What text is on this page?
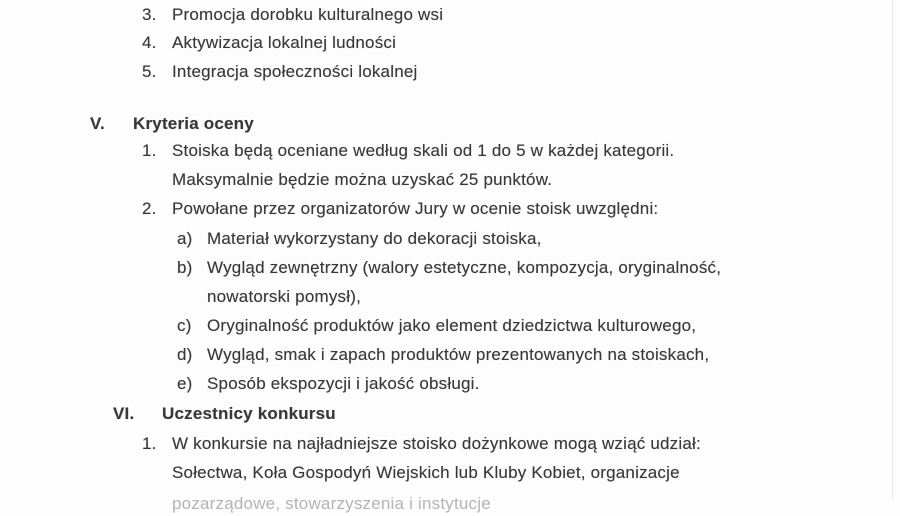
3. Promocja dorobku kulturalnego wsi
4. Aktywizacja lokalnej ludności
5. Integracja społeczności lokalnej
V. Kryteria oceny
1. Stoiska będą oceniane według skali od 1 do 5 w każdej kategorii.
Maksymalnie będzie można uzyskać 25 punktów.
2. Powołane przez organizatorów Jury w ocenie stoisk uwzględni:
a) Materiał wykorzystany do dekoracji stoiska,
b) Wygląd zewnętrzny (walory estetyczne, kompozycja, oryginalność,
nowatorski pomysł),
c) Oryginalność produktów jako element dziedzictwa kulturowego,
d) Wygląd, smak i zapach produktów prezentowanych na stoiskach,
e) Sposób ekspozycji i jakość obsługi.
VI. Uczestnicy konkursu
1. W konkursie na najładniejsze stoisko dożynkowe mogą wziąć udział:
Sołectwa, Koła Gospodyń Wiejskich lub Kluby Kobiet, organizacje
pozarządowe, stowarzyszenia i instytucje
